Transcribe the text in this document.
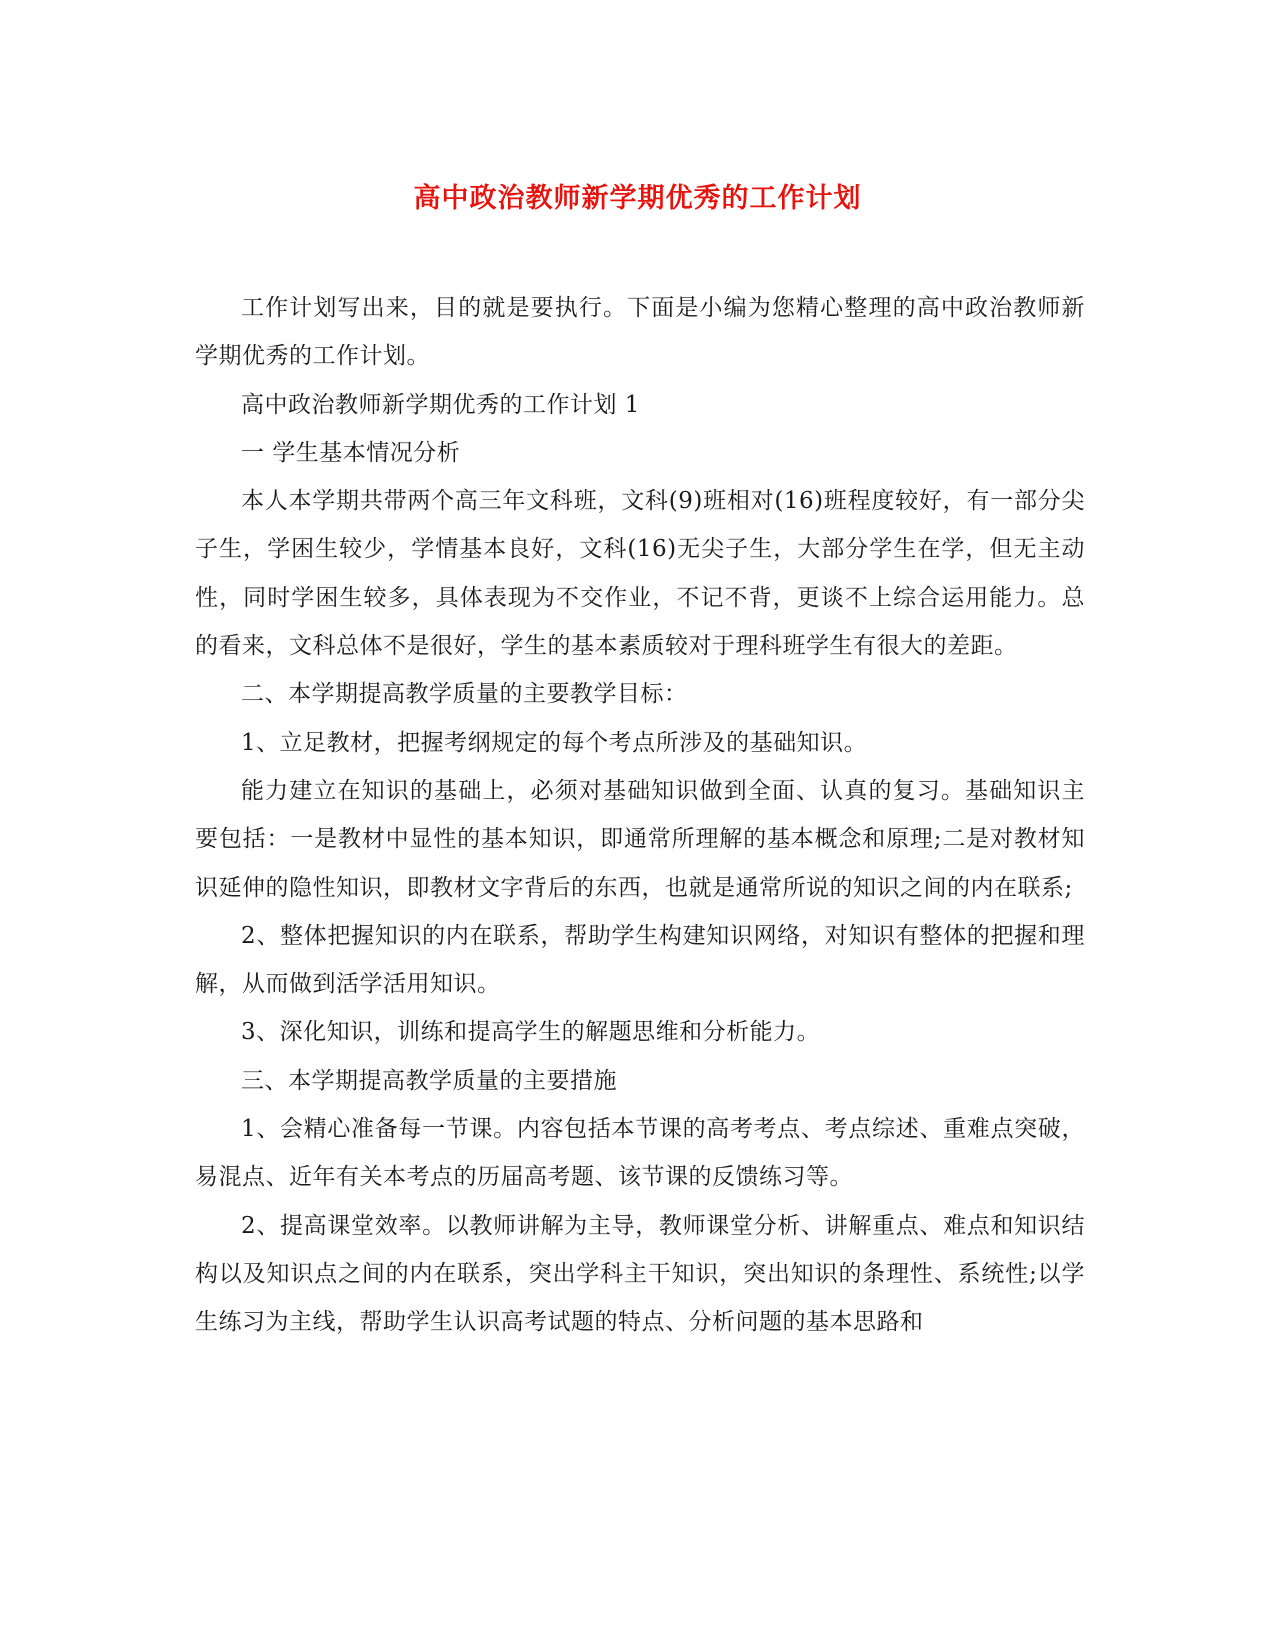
高中政治教师新学期优秀的工作计划

工作计划写出来，目的就是要执行。下面是小编为您精心整理的高中政治教师新学期优秀的工作计划。

高中政治教师新学期优秀的工作计划 1

一 学生基本情况分析

本人本学期共带两个高三年文科班，文科(9)班相对(16)班程度较好，有一部分尖子生，学困生较少，学情基本良好，文科(16)无尖子生，大部分学生在学，但无主动性，同时学困生较多，具体表现为不交作业，不记不背，更谈不上综合运用能力。总的看来，文科总体不是很好，学生的基本素质较对于理科班学生有很大的差距。

二、本学期提高教学质量的主要教学目标：

1、立足教材，把握考纲规定的每个考点所涉及的基础知识。

能力建立在知识的基础上，必须对基础知识做到全面、认真的复习。基础知识主要包括：一是教材中显性的基本知识，即通常所理解的基本概念和原理;二是对教材知识延伸的隐性知识，即教材文字背后的东西，也就是通常所说的知识之间的内在联系;

2、整体把握知识的内在联系，帮助学生构建知识网络，对知识有整体的把握和理解，从而做到活学活用知识。

3、深化知识，训练和提高学生的解题思维和分析能力。

三、本学期提高教学质量的主要措施

1、会精心准备每一节课。内容包括本节课的高考考点、考点综述、重难点突破，易混点、近年有关本考点的历届高考题、该节课的反馈练习等。

2、提高课堂效率。以教师讲解为主导，教师课堂分析、讲解重点、难点和知识结构以及知识点之间的内在联系，突出学科主干知识，突出知识的条理性、系统性;以学生练习为主线，帮助学生认识高考试题的特点、分析问题的基本思路和
